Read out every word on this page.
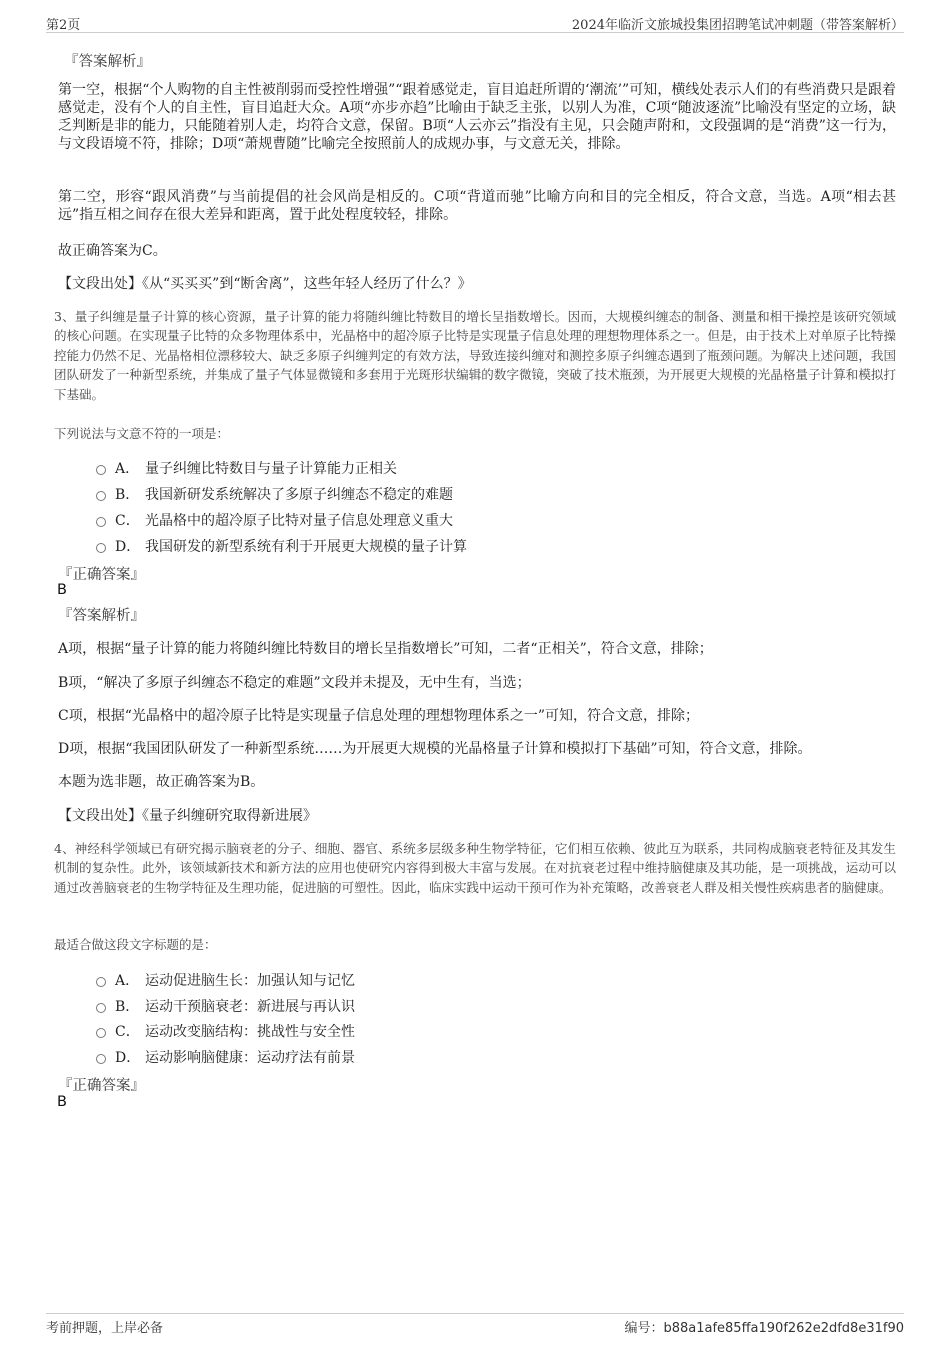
第2页	2024年临沂文旅城投集团招聘笔试冲刺题（带答案解析）
『答案解析』
第一空，根据“个人购物的自主性被削弱而受控性增强”“跟着感觉走，盲目追赶所谓的‘潮流’”可知，横线处表示人们的有些消费只是跟着感觉走，没有个人的自主性，盲目追赶大众。A项“亦步亦趋”比喻由于缺乏主张，以别人为准，C项“随波逐流”比喻没有坚定的立场，缺乏判断是非的能力，只能随着别人走，均符合文意，保留。B项“人云亦云”指没有主见，只会随声附和，文段强调的是“消费”这一行为，与文段语境不符，排除；D项“萧规曹随”比喻完全按照前人的成规办事，与文意无关，排除。
第二空，形容“跟风消费”与当前提倡的社会风尚是相反的。C项“背道而驰”比喻方向和目的完全相反，符合文意，当选。A项“相去甚远”指互相之间存在很大差异和距离，置于此处程度较轻，排除。
故正确答案为C。
【文段出处】《从“买买买”到“断舍离”，这些年轻人经历了什么？》
3、量子纠缠是量子计算的核心资源，量子计算的能力将随纠缠比特数目的增长呈指数增长。因而，大规模纠缠态的制备、测量和相干操控是该研究领域的核心问题。在实现量子比特的众多物理体系中，光晶格中的超冷原子比特是实现量子信息处理的理想物理体系之一。但是，由于技术上对单原子比特操控能力仍然不足、光晶格相位漂移较大、缺乏多原子纠缠判定的有效方法，导致连接纠缠对和测控多原子纠缠态遇到了瓶颈问题。为解决上述问题，我国团队研发了一种新型系统，并集成了量子气体显微镜和多套用于光斑形状编辑的数字微镜，突破了技术瓶颈，为开展更大规模的光晶格量子计算和模拟打下基础。
下列说法与文意不符的一项是：
A． 量子纠缠比特数目与量子计算能力正相关
B． 我国新研发系统解决了多原子纠缠态不稳定的难题
C． 光晶格中的超冷原子比特对量子信息处理意义重大
D． 我国研发的新型系统有利于开展更大规模的量子计算
『正确答案』
B
『答案解析』
A项，根据“量子计算的能力将随纠缠比特数目的增长呈指数增长”可知，二者“正相关”，符合文意，排除；
B项，“解决了多原子纠缠态不稳定的难题”文段并未提及，无中生有，当选；
C项，根据“光晶格中的超冷原子比特是实现量子信息处理的理想物理体系之一”可知，符合文意，排除；
D项，根据“我国团队研发了一种新型系统……为开展更大规模的光晶格量子计算和模拟打下基础”可知，符合文意，排除。
本题为选非题，故正确答案为B。
【文段出处】《量子纠缠研究取得新进展》
4、神经科学领域已有研究揭示脑衰老的分子、细胞、器官、系统多层级多种生物学特征，它们相互依赖、彼此互为联系，共同构成脑衰老特征及其发生机制的复杂性。此外，该领域新技术和新方法的应用也使研究内容得到极大丰富与发展。在对抗衰老过程中维持脑健康及其功能，是一项挑战，运动可以通过改善脑衰老的生物学特征及生理功能，促进脑的可塑性。因此，临床实践中运动干预可作为补充策略，改善衰老人群及相关慢性疾病患者的脑健康。
最适合做这段文字标题的是：
A． 运动促进脑生长：加强认知与记忆
B． 运动干预脑衰老：新进展与再认识
C． 运动改变脑结构：挑战性与安全性
D． 运动影响脑健康：运动疗法有前景
『正确答案』
B
考前押题，上岸必备	编号：b88a1afe85ffa190f262e2dfd8e31f90
